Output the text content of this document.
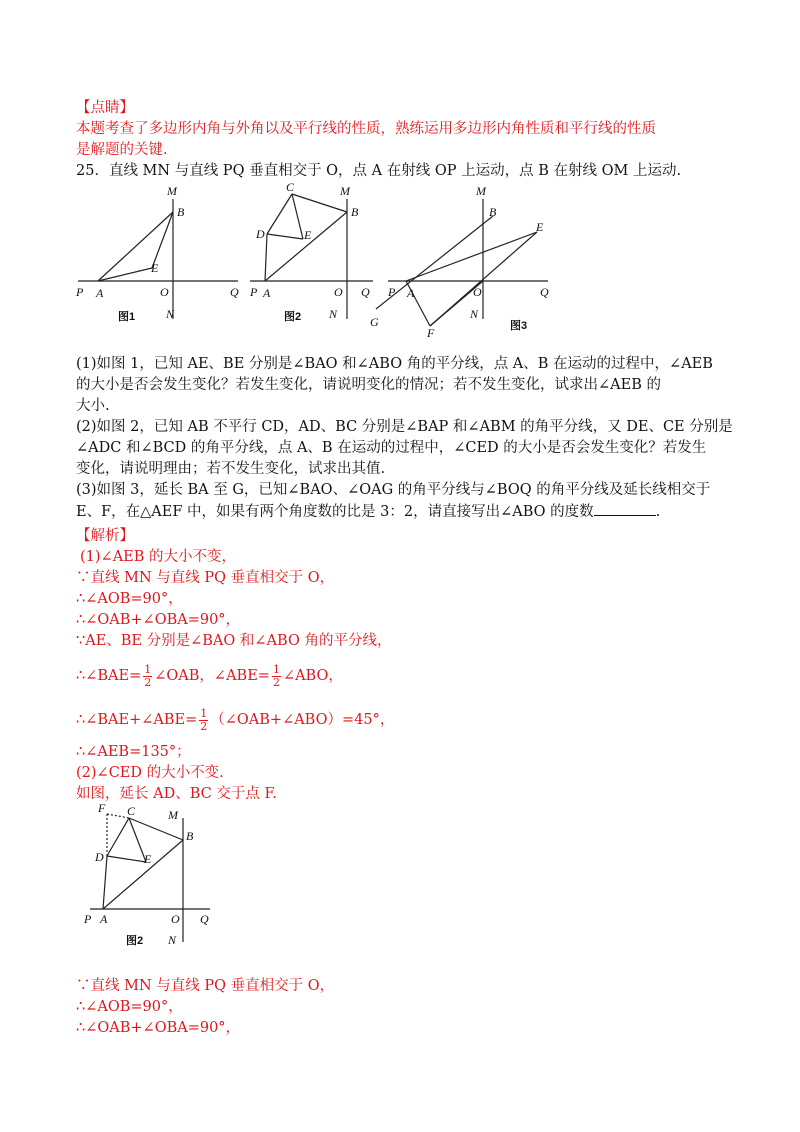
【点睛】
本题考查了多边形内角与外角以及平行线的性质，熟练运用多边形内角性质和平行线的性质
是解题的关键.
25．直线 MN 与直线 PQ 垂直相交于 O，点 A 在射线 OP 上运动，点 B 在射线 OM 上运动.
M
B
E
P A	O	Q
N
图1
C	M
B
D	E
P A	O Q
N
图2
M
B
E
P A	O	Q
G
F
N
图3
(1)如图 1，已知 AE、BE 分别是∠BAO 和∠ABO 角的平分线，点 A、B 在运动的过程中，∠AEB
的大小是否会发生变化？若发生变化，请说明变化的情况；若不发生变化，试求出∠AEB 的
大小.
(2)如图 2，已知 AB 不平行 CD，AD、BC 分别是∠BAP 和∠ABM 的角平分线，又 DE、CE 分别是
∠ADC 和∠BCD 的角平分线，点 A、B 在运动的过程中，∠CED 的大小是否会发生变化？若发生
变化，请说明理由；若不发生变化，试求出其值.
(3)如图 3，延长 BA 至 G，已知∠BAO、∠OAG 的角平分线与∠BOQ 的角平分线及延长线相交于
E、F，在△AEF 中，如果有两个角度数的比是 3：2，请直接写出∠ABO 的度数	.
【解析】
(1)∠AEB 的大小不变，
∵直线 MN 与直线 PQ 垂直相交于 O，
∴∠AOB=90°，
∴∠OAB+∠OBA=90°，
∵AE、BE 分别是∠BAO 和∠ABO 角的平分线，
∴∠BAE= $\frac{1}{2}$ ∠OAB，∠ABE= $\frac{1}{2}$ ∠ABO，
∴∠BAE+∠ABE= $\frac{1}{2}$ （∠OAB+∠ABO）=45°，
∴∠AEB=135°；
(2)∠CED 的大小不变.
如图，延长 AD、BC 交于点 F.
F C	M
B
D	E
P A	O Q
N
图2
∵直线 MN 与直线 PQ 垂直相交于 O，
∴∠AOB=90°，
∴∠OAB+∠OBA=90°，
